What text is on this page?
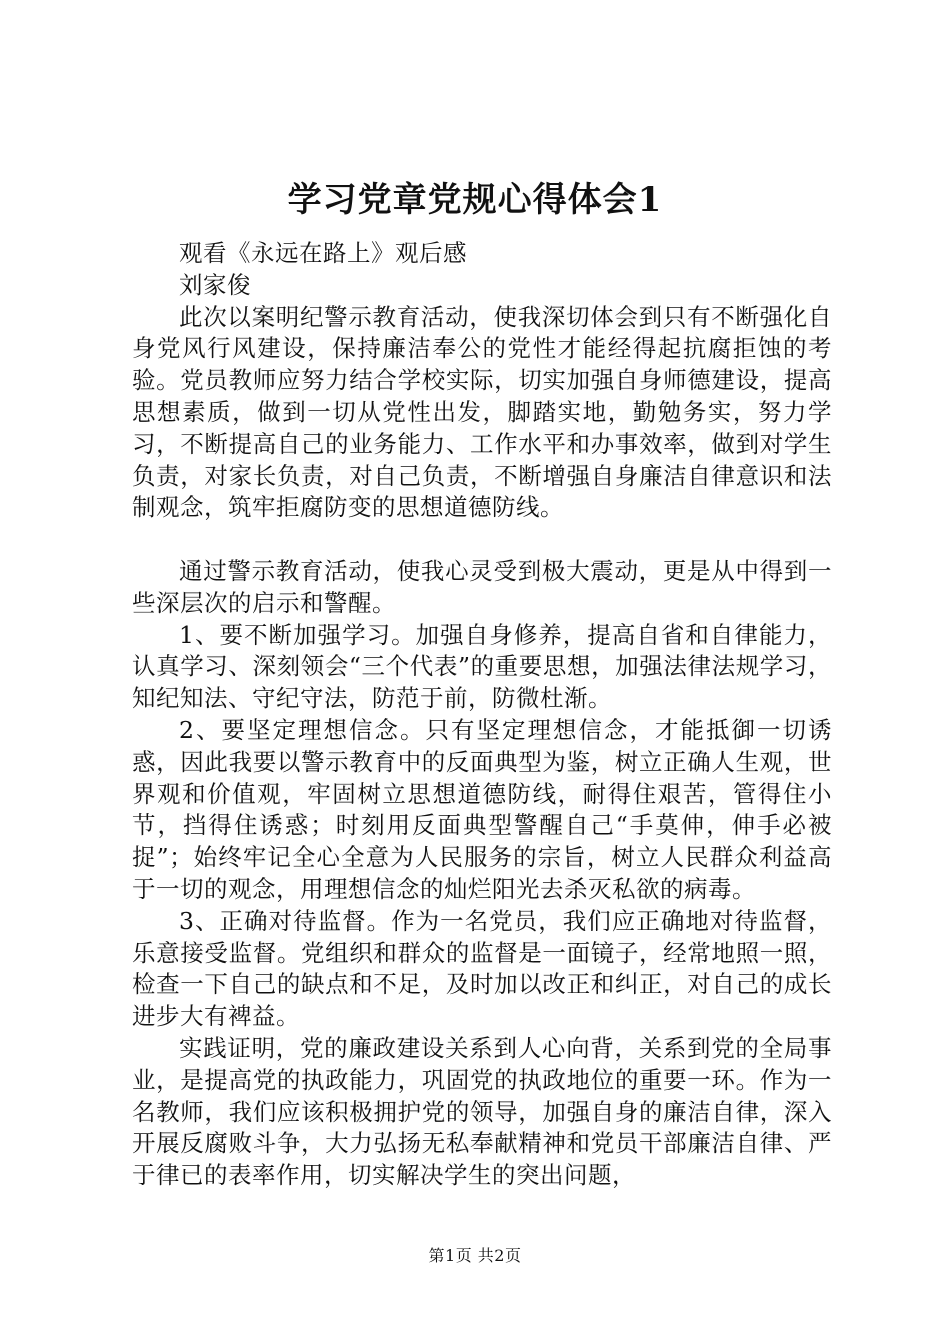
学习党章党规心得体会1

观看《永远在路上》观后感

刘家俊

此次以案明纪警示教育活动，使我深切体会到只有不断强化自身党风行风建设，保持廉洁奉公的党性才能经得起抗腐拒蚀的考验。党员教师应努力结合学校实际，切实加强自身师德建设，提高思想素质，做到一切从党性出发，脚踏实地，勤勉务实，努力学习，不断提高自己的业务能力、工作水平和办事效率，做到对学生负责，对家长负责，对自己负责，不断增强自身廉洁自律意识和法制观念，筑牢拒腐防变的思想道德防线。

通过警示教育活动，使我心灵受到极大震动，更是从中得到一些深层次的启示和警醒。

1、要不断加强学习。加强自身修养，提高自省和自律能力，认真学习、深刻领会“三个代表”的重要思想，加强法律法规学习，知纪知法、守纪守法，防范于前，防微杜渐。

2、要坚定理想信念。只有坚定理想信念，才能抵御一切诱惑，因此我要以警示教育中的反面典型为鉴，树立正确人生观，世界观和价值观，牢固树立思想道德防线，耐得住艰苦，管得住小节，挡得住诱惑；时刻用反面典型警醒自己“手莫伸，伸手必被捉”；始终牢记全心全意为人民服务的宗旨，树立人民群众利益高于一切的观念，用理想信念的灿烂阳光去杀灭私欲的病毒。

3、正确对待监督。作为一名党员，我们应正确地对待监督，乐意接受监督。党组织和群众的监督是一面镜子，经常地照一照，检查一下自己的缺点和不足，及时加以改正和纠正，对自己的成长进步大有裨益。

实践证明，党的廉政建设关系到人心向背，关系到党的全局事业，是提高党的执政能力，巩固党的执政地位的重要一环。作为一名教师，我们应该积极拥护党的领导，加强自身的廉洁自律，深入开展反腐败斗争，大力弘扬无私奉献精神和党员干部廉洁自律、严于律已的表率作用，切实解决学生的突出问题，

第1页 共2页
